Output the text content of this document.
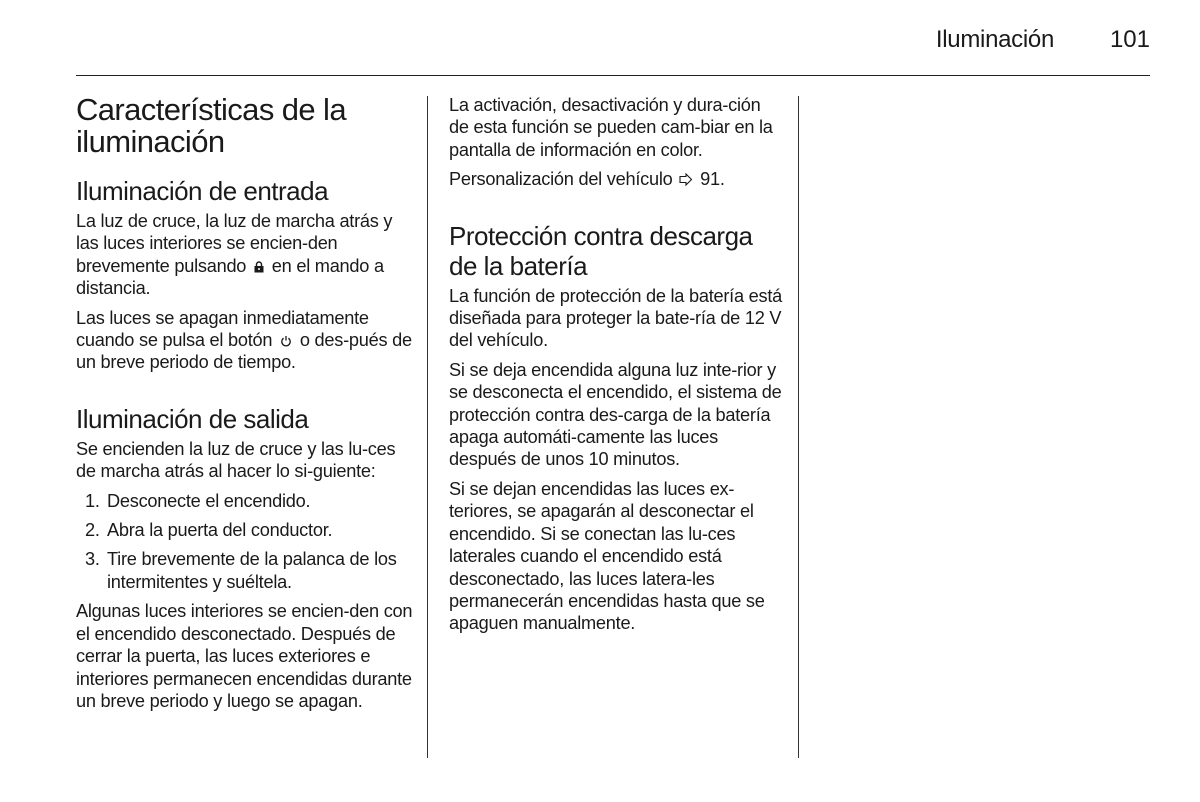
Iluminación 101
Características de la iluminación
Iluminación de entrada

La luz de cruce, la luz de marcha atrás y las luces interiores se encien-den brevemente pulsando en el mando a distancia.

Las luces se apagan inmediatamente cuando se pulsa el botón o des-pués de un breve periodo de tiempo.

Iluminación de salida

Se encienden la luz de cruce y las lu-ces de marcha atrás al hacer lo si-guiente:

1. Desconecte el encendido.
2. Abra la puerta del conductor.
3. Tire brevemente de la palanca de los intermitentes y suéltela.

Algunas luces interiores se encien-den con el encendido desconectado. Después de cerrar la puerta, las luces exteriores e interiores permanecen encendidas durante un breve periodo y luego se apagan.

La activación, desactivación y dura-ción de esta función se pueden cam-biar en la pantalla de información en color.

Personalización del vehículo 91.

Protección contra descarga de la batería

La función de protección de la batería está diseñada para proteger la bate-ría de 12 V del vehículo.

Si se deja encendida alguna luz inte-rior y se desconecta el encendido, el sistema de protección contra des-carga de la batería apaga automáti-camente las luces después de unos 10 minutos.

Si se dejan encendidas las luces ex-teriores, se apagarán al desconectar el encendido. Si se conectan las lu-ces laterales cuando el encendido está desconectado, las luces latera-les permanecerán encendidas hasta que se apaguen manualmente.
